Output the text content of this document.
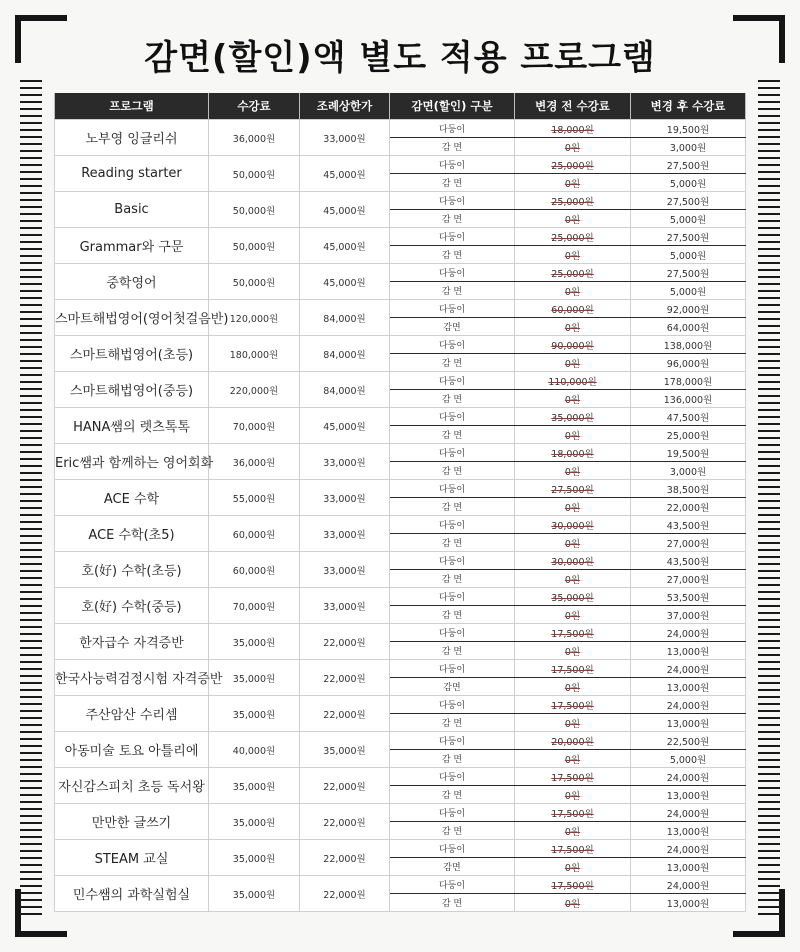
감면(할인)액 별도 적용 프로그램
프로그램	수강료	조례상한가	감면(할인) 구분	변경 전 수강료	변경 후 수강료
노부영 잉글리쉬	36,000원	33,000원	다둥이	18,000원	19,500원
			감 면	0원	3,000원
Reading starter	50,000원	45,000원	다둥이	25,000원	27,500원
			감 면	0원	5,000원
Basic	50,000원	45,000원	다둥이	25,000원	27,500원
			감 면	0원	5,000원
Grammar와 구문	50,000원	45,000원	다둥이	25,000원	27,500원
			감 면	0원	5,000원
중학영어	50,000원	45,000원	다둥이	25,000원	27,500원
			감 면	0원	5,000원
스마트해법영어(영어첫걸음반)	120,000원	84,000원	다둥이	60,000원	92,000원
			감면	0원	64,000원
스마트해법영어(초등)	180,000원	84,000원	다둥이	90,000원	138,000원
			감 면	0원	96,000원
스마트해법영어(중등)	220,000원	84,000원	다둥이	110,000원	178,000원
			감 면	0원	136,000원
HANA쌤의 렛츠톡톡	70,000원	45,000원	다둥이	35,000원	47,500원
			감 면	0원	25,000원
Eric쌤과 함께하는 영어회화	36,000원	33,000원	다둥이	18,000원	19,500원
			감 면	0원	3,000원
ACE 수학	55,000원	33,000원	다둥이	27,500원	38,500원
			감 면	0원	22,000원
ACE 수학(초5)	60,000원	33,000원	다둥이	30,000원	43,500원
			감 면	0원	27,000원
호(好) 수학(초등)	60,000원	33,000원	다둥이	30,000원	43,500원
			감 면	0원	27,000원
호(好) 수학(중등)	70,000원	33,000원	다둥이	35,000원	53,500원
			감 면	0원	37,000원
한자급수 자격증반	35,000원	22,000원	다둥이	17,500원	24,000원
			감 면	0원	13,000원
한국사능력검정시험 자격증반	35,000원	22,000원	다둥이	17,500원	24,000원
			감면	0원	13,000원
주산암산 수리셈	35,000원	22,000원	다둥이	17,500원	24,000원
			감 면	0원	13,000원
아동미술 토요 아틀리에	40,000원	35,000원	다둥이	20,000원	22,500원
			감 면	0원	5,000원
자신감스피치 초등 독서왕	35,000원	22,000원	다둥이	17,500원	24,000원
			감 면	0원	13,000원
만만한 글쓰기	35,000원	22,000원	다둥이	17,500원	24,000원
			감 면	0원	13,000원
STEAM 교실	35,000원	22,000원	다둥이	17,500원	24,000원
			감면	0원	13,000원
민수쌤의 과학실험실	35,000원	22,000원	다둥이	17,500원	24,000원
			감 면	0원	13,000원
